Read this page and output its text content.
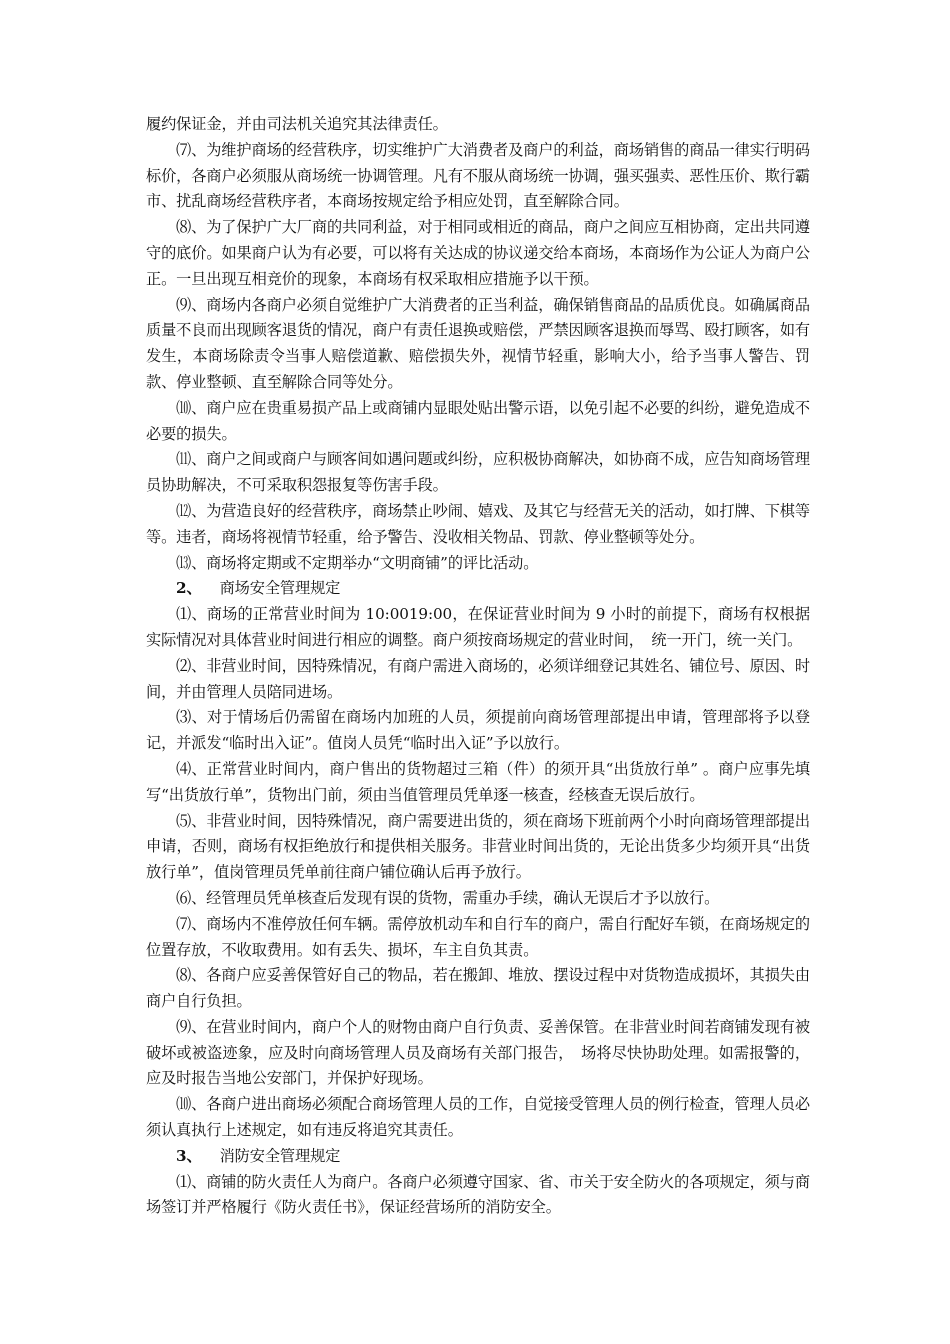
履约保证金，并由司法机关追究其法律责任。

⑺、为维护商场的经营秩序，切实维护广大消费者及商户的利益，商场销售的商品一律实行明码标价，各商户必须服从商场统一协调管理。凡有不服从商场统一协调，强买强卖、恶性压价、欺行霸市、扰乱商场经营秩序者，本商场按规定给予相应处罚，直至解除合同。

⑻、为了保护广大厂商的共同利益，对于相同或相近的商品，商户之间应互相协商，定出共同遵守的底价。如果商户认为有必要，可以将有关达成的协议递交给本商场，本商场作为公证人为商户公正。一旦出现互相竞价的现象，本商场有权采取相应措施予以干预。

⑼、商场内各商户必须自觉维护广大消费者的正当利益，确保销售商品的品质优良。如确属商品质量不良而出现顾客退货的情况，商户有责任退换或赔偿，严禁因顾客退换而辱骂、殴打顾客，如有发生，本商场除责令当事人赔偿道歉、赔偿损失外，视情节轻重，影响大小，给予当事人警告、罚款、停业整顿、直至解除合同等处分。

⑽、商户应在贵重易损产品上或商铺内显眼处贴出警示语，以免引起不必要的纠纷，避免造成不必要的损失。

⑾、商户之间或商户与顾客间如遇问题或纠纷，应积极协商解决，如协商不成，应告知商场管理员协助解决，不可采取积怨报复等伤害手段。

⑿、为营造良好的经营秩序，商场禁止吵闹、嬉戏、及其它与经营无关的活动，如打牌、下棋等等。违者，商场将视情节轻重，给予警告、没收相关物品、罚款、停业整顿等处分。

⒀、商场将定期或不定期举办“文明商铺”的评比活动。

2、 商场安全管理规定

⑴、商场的正常营业时间为 10:0019:00，在保证营业时间为 9 小时的前提下，商场有权根据实际情况对具体营业时间进行相应的调整。商户须按商场规定的营业时间，　统一开门，统一关门。

⑵、非营业时间，因特殊情况，有商户需进入商场的，必须详细登记其姓名、铺位号、原因、时间，并由管理人员陪同进场。

⑶、对于情场后仍需留在商场内加班的人员，须提前向商场管理部提出申请，管理部将予以登记，并派发“临时出入证”。值岗人员凭“临时出入证”予以放行。

⑷、正常营业时间内，商户售出的货物超过三箱（件）的须开具“出货放行单” 。商户应事先填写“出货放行单”，货物出门前，须由当值管理员凭单逐一核查，经核查无误后放行。

⑸、非营业时间，因特殊情况，商户需要进出货的，须在商场下班前两个小时向商场管理部提出申请，否则，商场有权拒绝放行和提供相关服务。非营业时间出货的，无论出货多少均须开具“出货放行单”，值岗管理员凭单前往商户铺位确认后再予放行。

⑹、经管理员凭单核查后发现有误的货物，需重办手续，确认无误后才予以放行。

⑺、商场内不准停放任何车辆。需停放机动车和自行车的商户，需自行配好车锁，在商场规定的位置存放，不收取费用。如有丢失、损坏，车主自负其责。

⑻、各商户应妥善保管好自己的物品，若在搬卸、堆放、摆设过程中对货物造成损坏，其损失由商户自行负担。

⑼、在营业时间内，商户个人的财物由商户自行负责、妥善保管。在非营业时间若商铺发现有被破坏或被盗迹象，应及时向商场管理人员及商场有关部门报告，　场将尽快协助处理。如需报警的，应及时报告当地公安部门，并保护好现场。

⑽、各商户进出商场必须配合商场管理人员的工作，自觉接受管理人员的例行检查，管理人员必须认真执行上述规定，如有违反将追究其责任。

3、 消防安全管理规定

⑴、商铺的防火责任人为商户。各商户必须遵守国家、省、市关于安全防火的各项规定，须与商场签订并严格履行《防火责任书》，保证经营场所的消防安全。
